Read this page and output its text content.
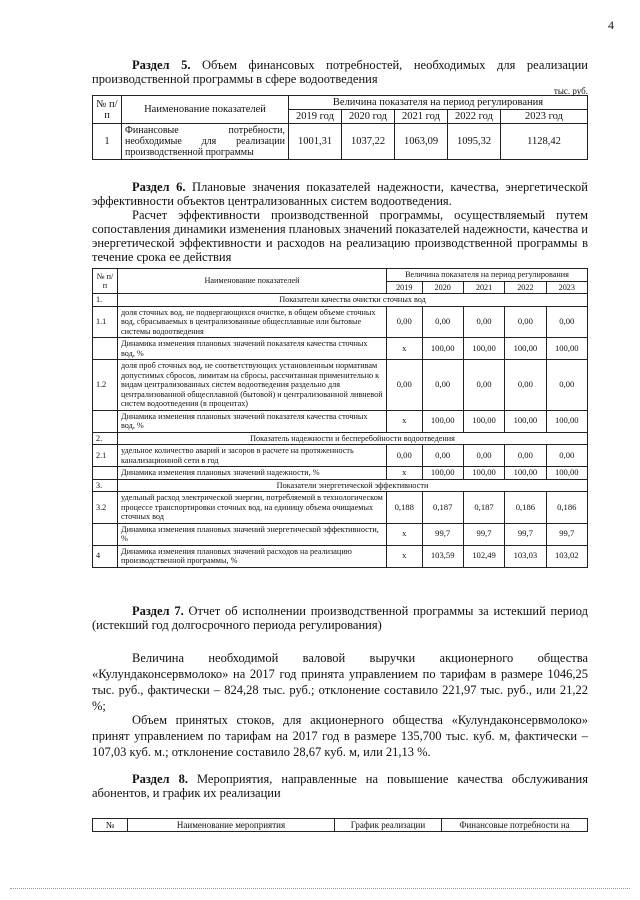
4
Раздел 5. Объем финансовых потребностей, необходимых для реализации производственной программы в сфере водоотведения
тыс. руб.
№ п/п	Наименование показателей	Величина показателя на период регулирования				
		2019 год	2020 год	2021 год	2022 год	2023 год
1	Финансовые потребности, необходимые для реализации производственной программы	1001,31	1037,22	1063,09	1095,32	1128,42
Раздел 6. Плановые значения показателей надежности, качества, энергетической эффективности объектов централизованных систем водоотведения.
Расчет эффективности производственной программы, осуществляемый путем сопоставления динамики изменения плановых значений показателей надежности, качества и энергетической эффективности и расходов на реализацию производственной программы в течение срока ее действия
№ п/п	Наименование показателей	Величина показателя на период регулирования				
		2019	2020	2021	2022	2023
1.	Показатели качества очистки сточных вод					
1.1	доля сточных вод, не подвергающихся очистке, в общем объеме сточных вод, сбрасываемых в централизованные общесплавные или бытовые системы водоотведения	0,00	0,00	0,00	0,00	0,00
	Динамика изменения плановых значений показателя качества сточных вод, %	х	100,00	100,00	100,00	100,00
1.2	доля проб сточных вод, не соответствующих установленным нормативам допустимых сбросов, лимитам на сбросы, рассчитанная применительно к видам централизованных систем водоотведения раздельно для централизованной общесплавной (бытовой) и централизованной ливневой систем водоотведения (в процентах)	0,00	0,00	0,00	0,00	0,00
	Динамика изменения плановых значений показателя качества сточных вод, %	х	100,00	100,00	100,00	100,00
2.	Показатель надежности и бесперебойности водоотведения					
2.1	удельное количество аварий и засоров в расчете на протяженность канализационной сети в год	0,00	0,00	0,00	0,00	0,00
	Динамика изменения плановых значений надежности, %	х	100,00	100,00	100,00	100,00
3.	Показатели энергетической эффективности					
3.2	удельный расход электрической энергии, потребляемой в технологическом процессе транспортировки сточных вод, на единицу объема очищаемых сточных вод	0,188	0,187	0,187	0,186	0,186
	Динамика изменения плановых значений энергетической эффективности, %	х	99,7	99,7	99,7	99,7
4	Динамика изменения плановых значений расходов на реализацию производственной программы, %	х	103,59	102,49	103,03	103,02
Раздел 7. Отчет об исполнении производственной программы за истекший период (истекший год долгосрочного периода регулирования)
Величина необходимой валовой выручки акционерного общества «Кулундаконсервмолоко» на 2017 год принята управлением по тарифам в размере 1046,25 тыс. руб., фактически – 824,28 тыс. руб.; отклонение составило 221,97 тыс. руб., или 21,22 %;
Объем принятых стоков, для акционерного общества «Кулундаконсервмолоко» принят управлением по тарифам на 2017 год в размере 135,700 тыс. куб. м, фактически – 107,03 куб. м.; отклонение составило 28,67 куб. м, или 21,13 %.
Раздел 8. Мероприятия, направленные на повышение качества обслуживания абонентов, и график их реализации
№	Наименование мероприятия	График реализации	Финансовые потребности на
